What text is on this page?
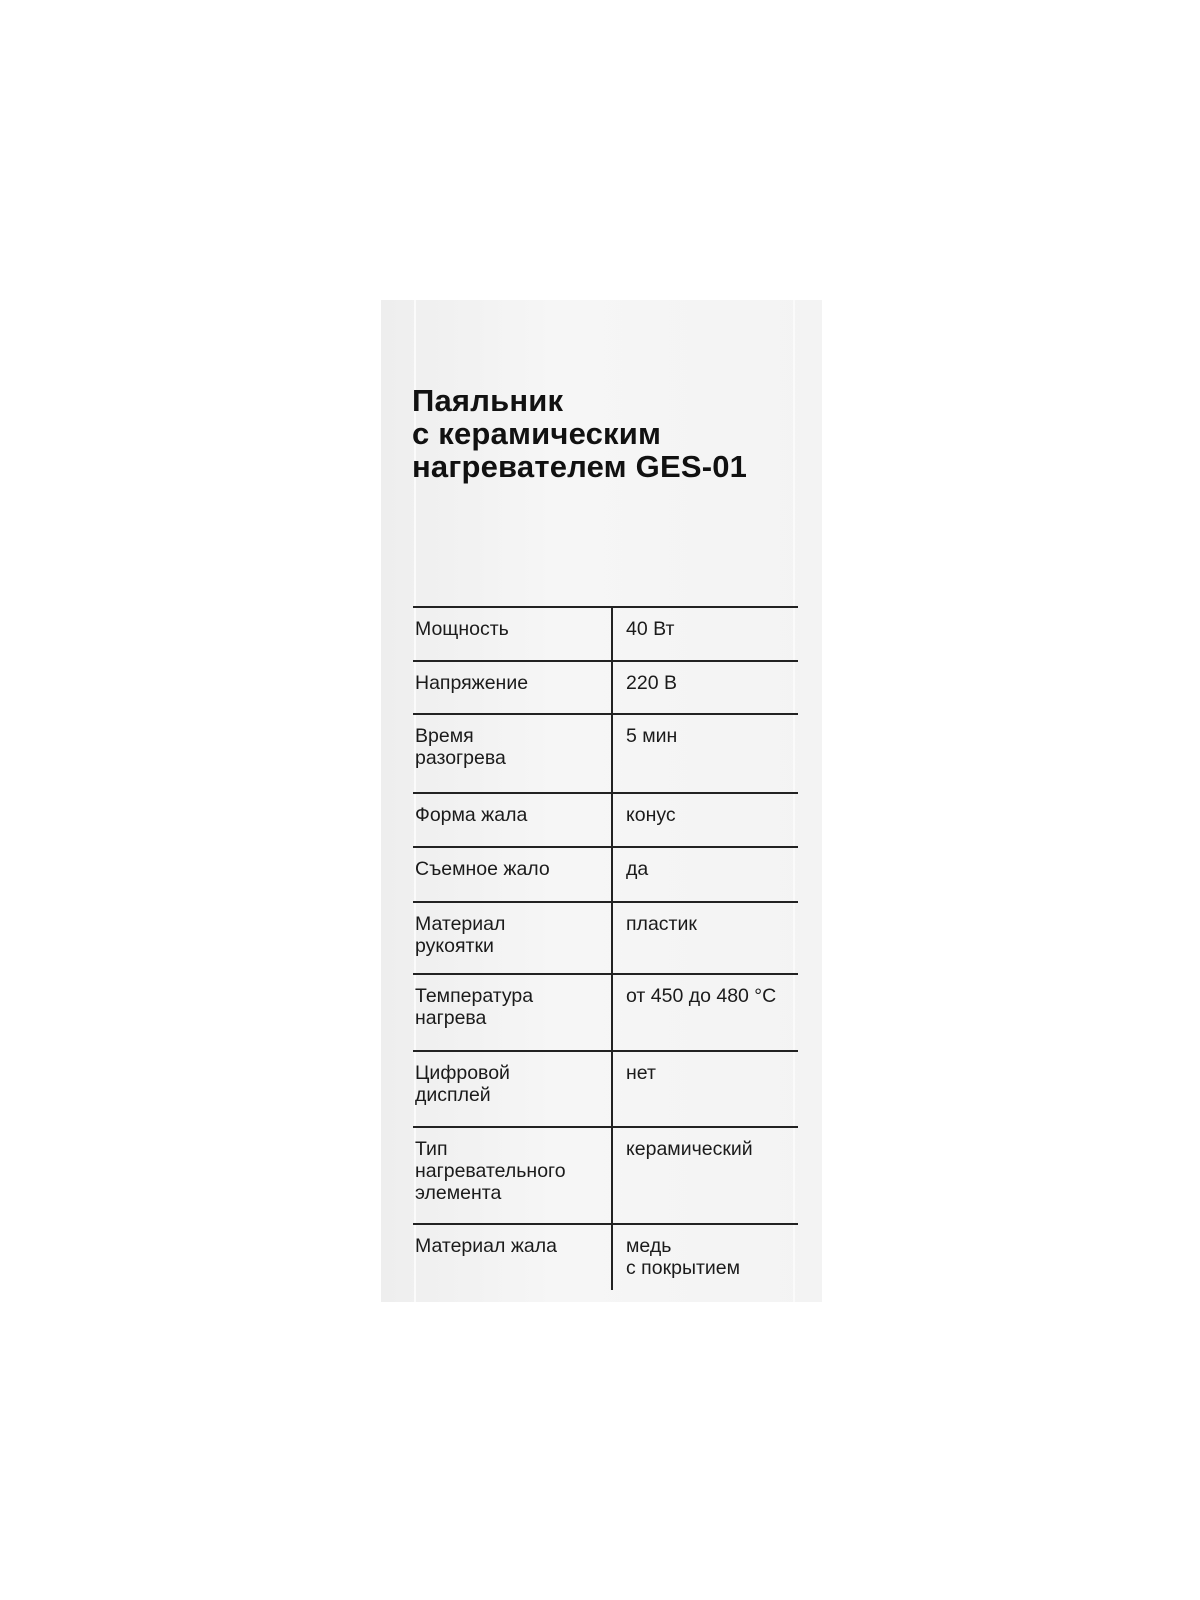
Паяльник
с керамическим
нагревателем GES-01
Мощность	40 Вт

Напряжение	220 В

Время
разогрева	5 мин

Форма жала	конус

Съемное жало	да

Материал
рукоятки	пластик

Температура
нагрева	от 450 до 480 °C

Цифровой
дисплей	нет

Тип
нагревательного
элемента	керамический

Материал жала	медь
с покрытием
